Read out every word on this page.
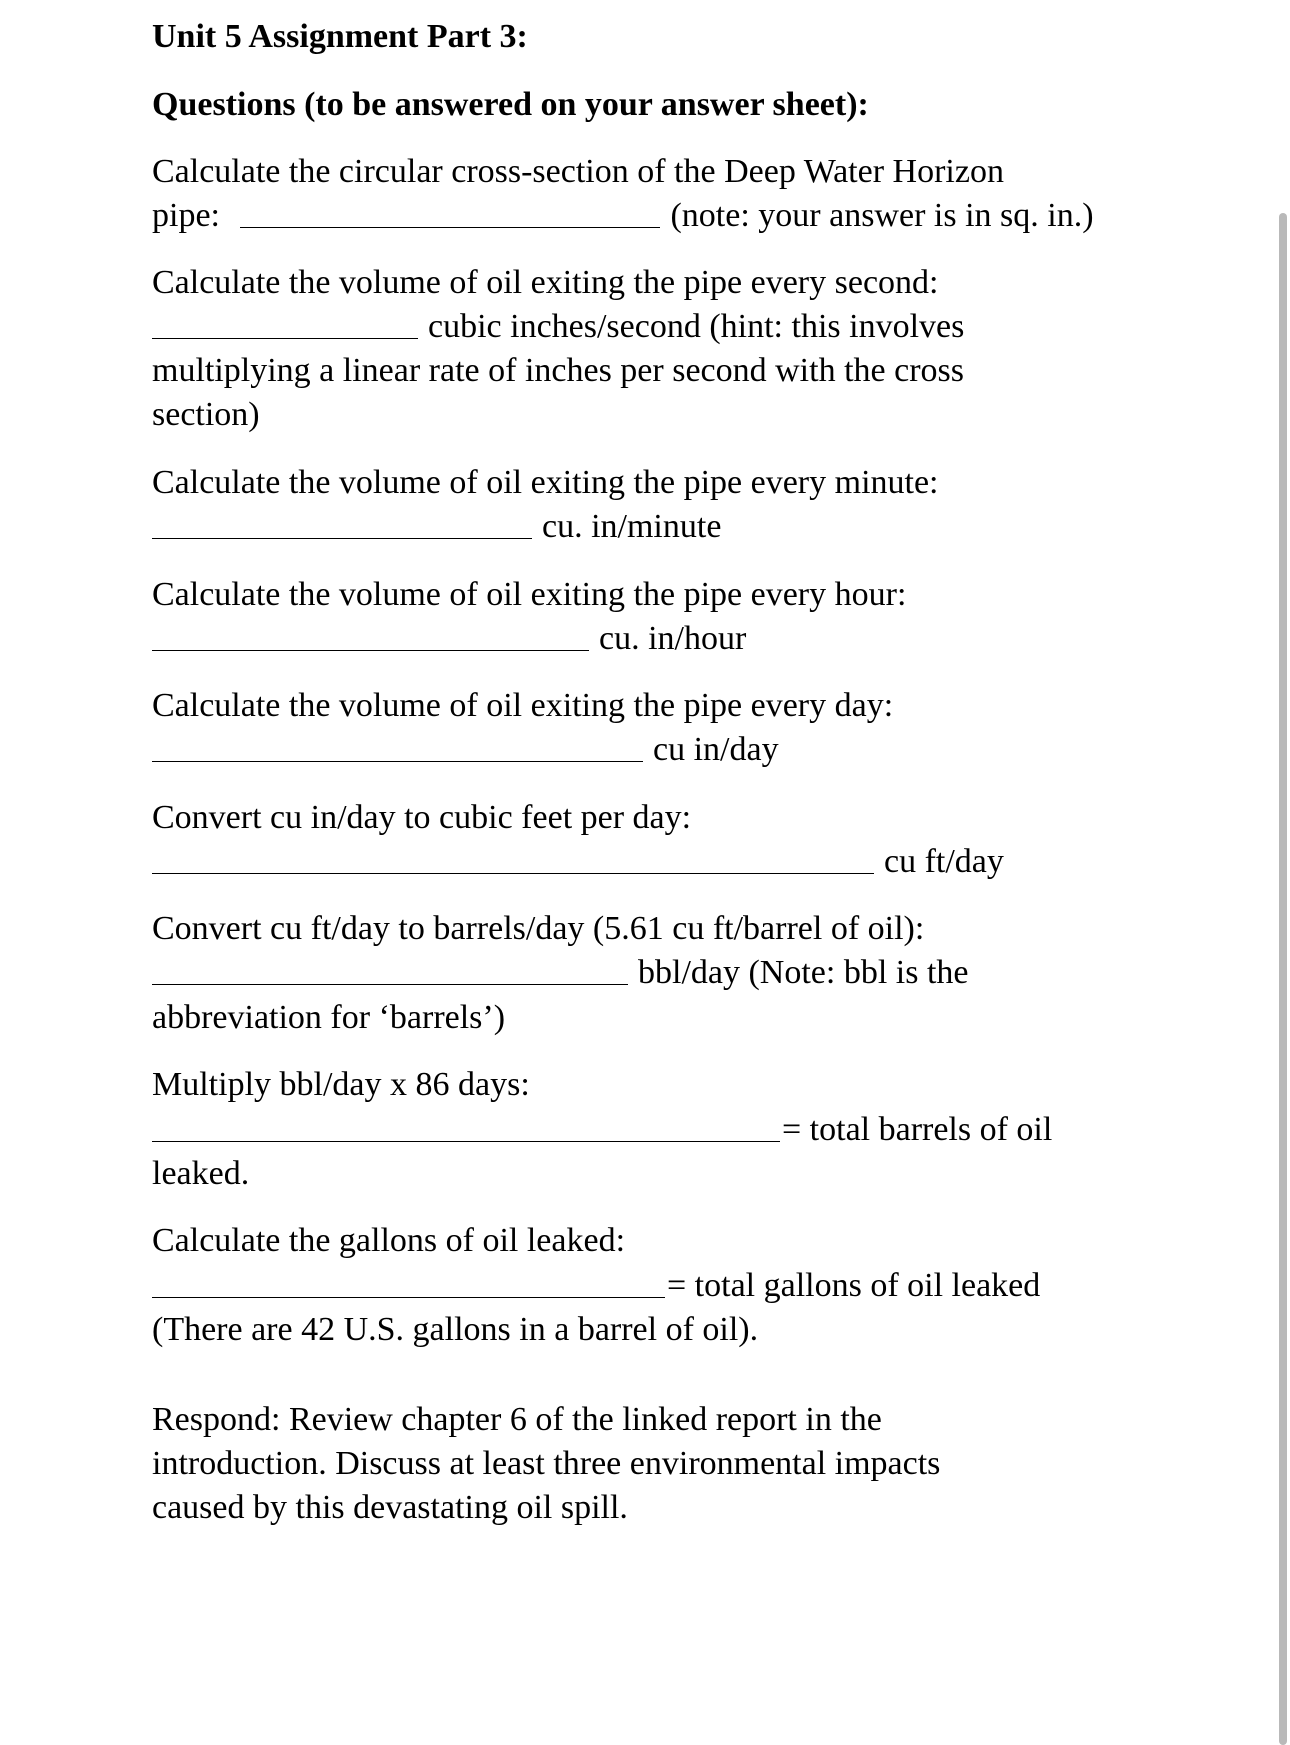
Unit 5 Assignment Part 3:
Questions (to be answered on your answer sheet):
Calculate the circular cross-section of the Deep Water Horizon
pipe:	(note: your answer is in sq. in.)
Calculate the volume of oil exiting the pipe every second:
cubic inches/second (hint: this involves
multiplying a linear rate of inches per second with the cross
section)
Calculate the volume of oil exiting the pipe every minute:
cu. in/minute
Calculate the volume of oil exiting the pipe every hour:
cu. in/hour
Calculate the volume of oil exiting the pipe every day:
cu in/day
Convert cu in/day to cubic feet per day:
cu ft/day
Convert cu ft/day to barrels/day (5.61 cu ft/barrel of oil):
bbl/day (Note: bbl is the
abbreviation for ‘barrels’)
Multiply bbl/day x 86 days:
= total barrels of oil
leaked.
Calculate the gallons of oil leaked:
= total gallons of oil leaked
(There are 42 U.S. gallons in a barrel of oil).
Respond: Review chapter 6 of the linked report in the
introduction. Discuss at least three environmental impacts
caused by this devastating oil spill.
